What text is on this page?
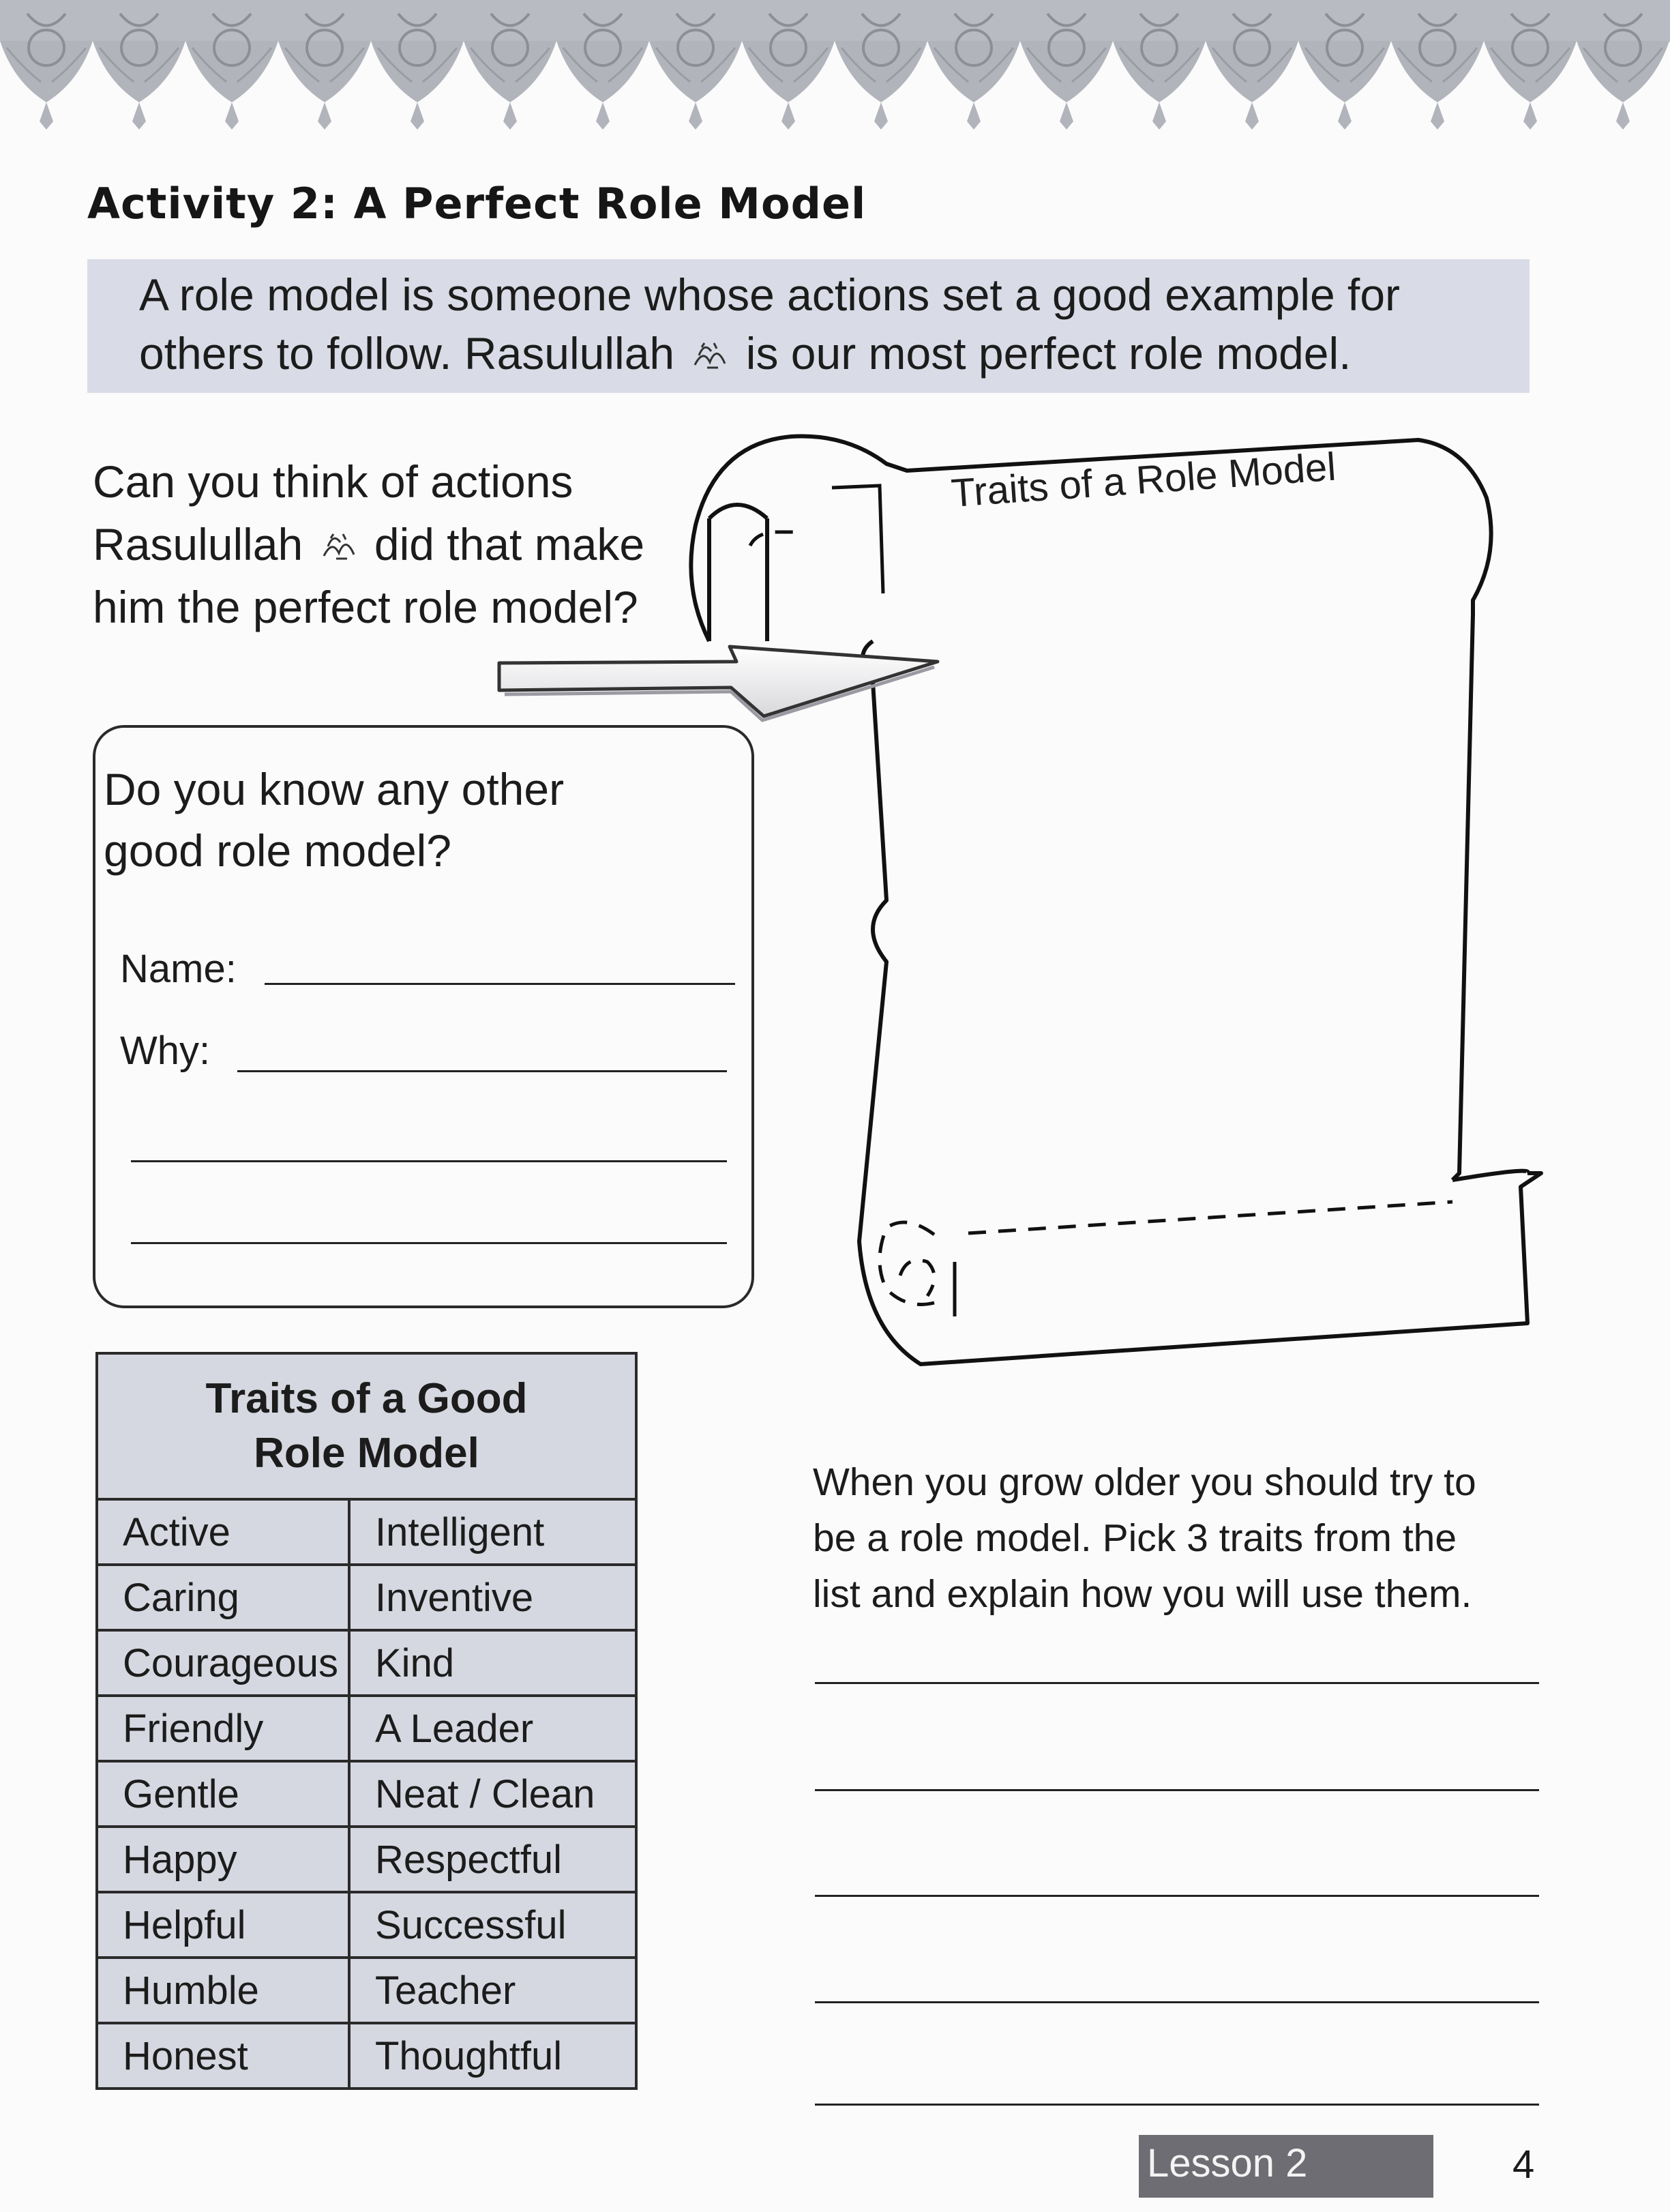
Activity 2: A Perfect Role Model
A role model is someone whose actions set a good example for
others to follow. Rasulullah is our most perfect role model.
Can you think of actions
Rasulullah did that make
him the perfect role model?
Traits of a Role Model
Do you know any other
good role model?
Name:
Why:
Traits of a Good
Role Model	

Active	Intelligent
Caring	Inventive
Courageous	Kind
Friendly	A Leader
Gentle	Neat / Clean
Happy	Respectful
Helpful	Successful
Humble	Teacher
Honest	Thoughtful
When you grow older you should try to
be a role model. Pick 3 traits from the
list and explain how you will use them.
Lesson 2	4
